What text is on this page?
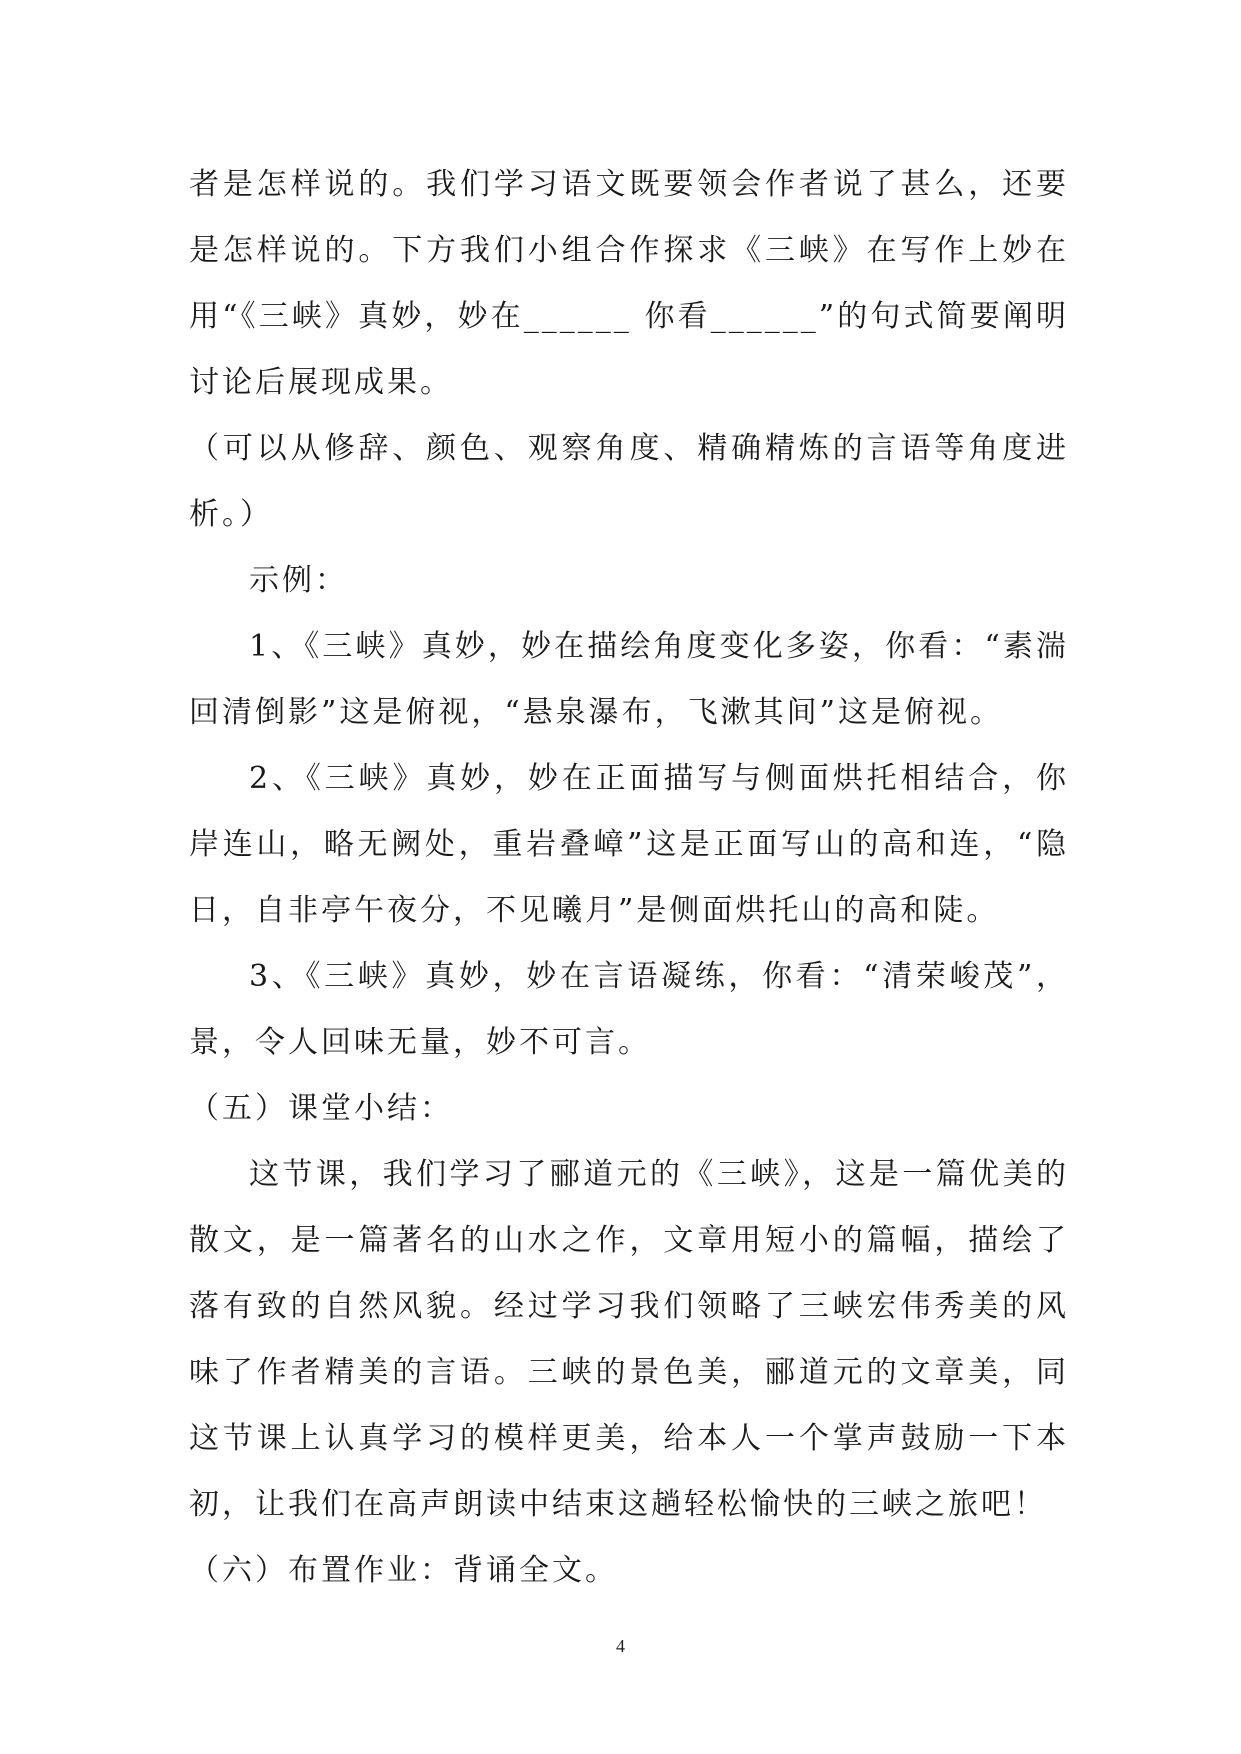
者是怎样说的。我们学习语文既要领会作者说了甚么，还要
是怎样说的。下方我们小组合作探求《三峡》在写作上妙在
用“《三峡》真妙，妙在______ 你看______”的句式简要阐明
讨论后展现成果。
（可以从修辞、颜色、观察角度、精确精炼的言语等角度进
析。）
示例：
1、《三峡》真妙，妙在描绘角度变化多姿，你看：“素湍
回清倒影”这是俯视，“悬泉瀑布，飞漱其间”这是俯视。
2、《三峡》真妙，妙在正面描写与侧面烘托相结合，你
岸连山，略无阙处，重岩叠嶂”这是正面写山的高和连，“隐
日，自非亭午夜分，不见曦月”是侧面烘托山的高和陡。
3、《三峡》真妙，妙在言语凝练，你看：“清荣峻茂”，
景，令人回味无量，妙不可言。
（五）课堂小结：
这节课，我们学习了郦道元的《三峡》，这是一篇优美的
散文，是一篇著名的山水之作，文章用短小的篇幅，描绘了
落有致的自然风貌。经过学习我们领略了三峡宏伟秀美的风
味了作者精美的言语。三峡的景色美，郦道元的文章美，同
这节课上认真学习的模样更美，给本人一个掌声鼓励一下本
初，让我们在高声朗读中结束这趟轻松愉快的三峡之旅吧！
（六）布置作业：背诵全文。
4
